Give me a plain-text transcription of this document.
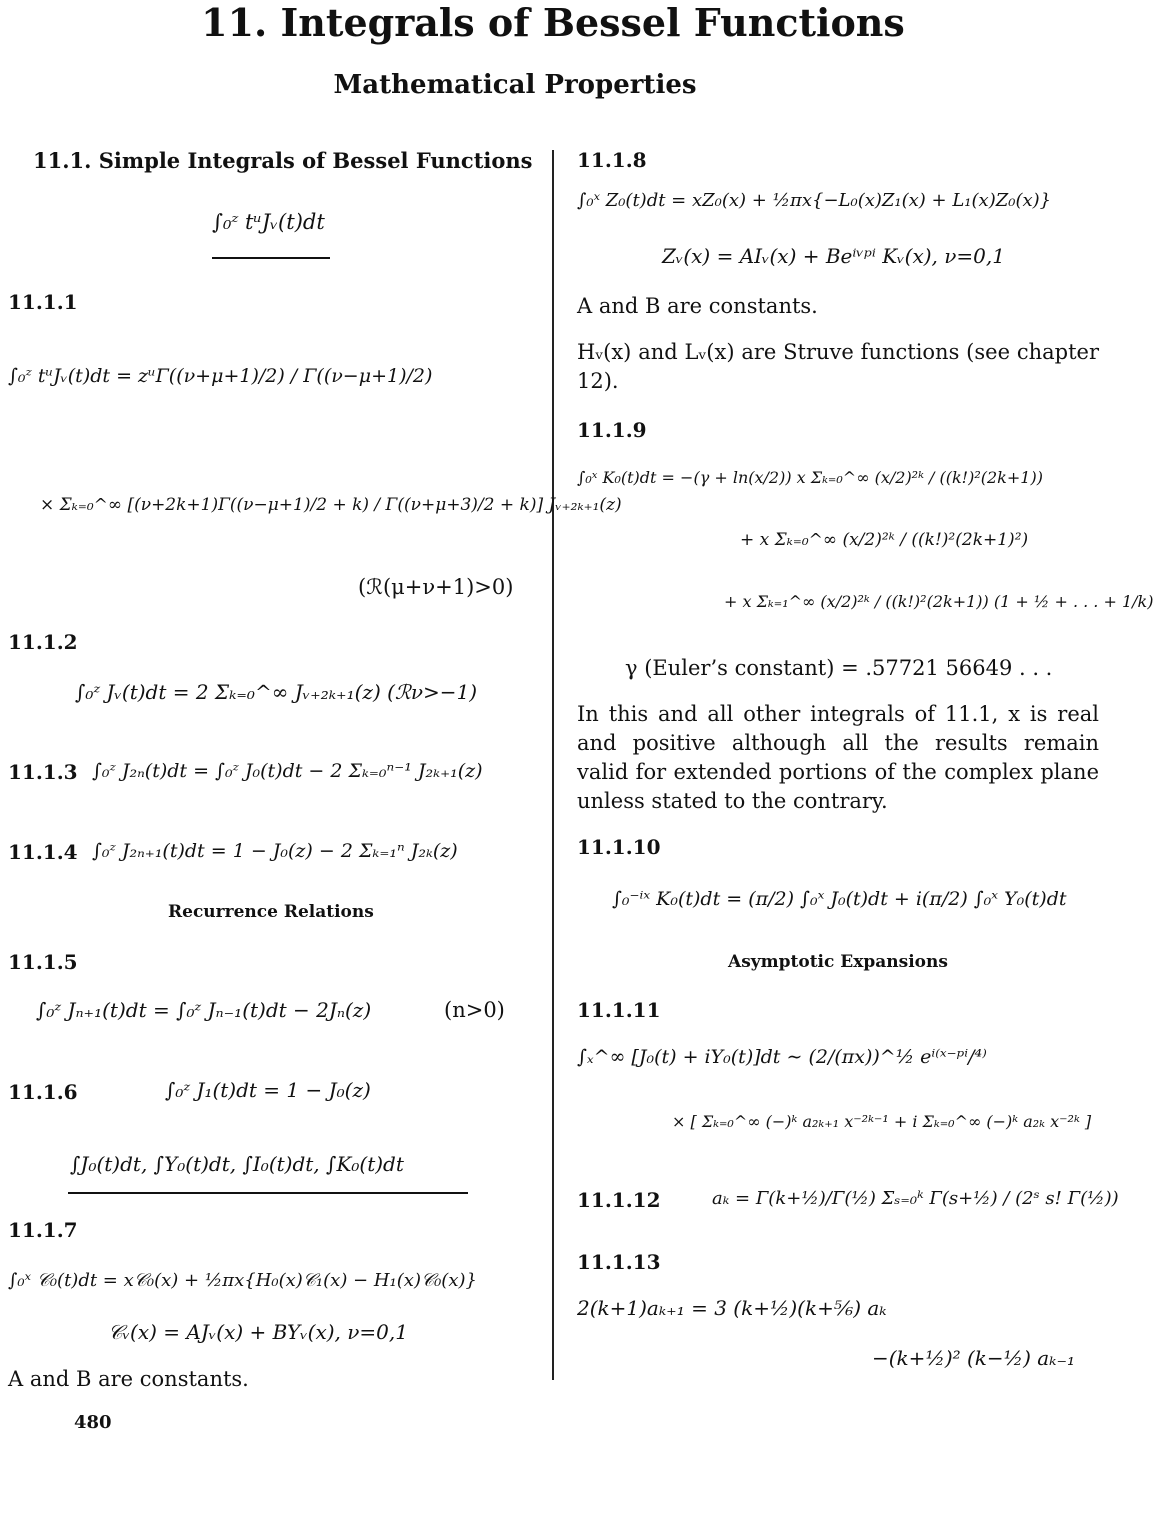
11. Integrals of Bessel Functions
Mathematical Properties
11.1. Simple Integrals of Bessel Functions
∫₀ᶻ tᵘJᵥ(t)dt
11.1.1
∫₀ᶻ tᵘJᵥ(t)dt = zᵘΓ((ν+μ+1)/2) / Γ((ν−μ+1)/2)
× Σₖ₌₀^∞ [(ν+2k+1)Γ((ν−μ+1)/2 + k) / Γ((ν+μ+3)/2 + k)] Jᵥ₊₂ₖ₊₁(z)
(ℛ(μ+ν+1)>0)
11.1.2
∫₀ᶻ Jᵥ(t)dt = 2 Σₖ₌₀^∞ Jᵥ₊₂ₖ₊₁(z) (ℛν>−1)
11.1.3 ∫₀ᶻ J₂ₙ(t)dt = ∫₀ᶻ J₀(t)dt − 2 Σₖ₌₀ⁿ⁻¹ J₂ₖ₊₁(z)
11.1.4 ∫₀ᶻ J₂ₙ₊₁(t)dt = 1 − J₀(z) − 2 Σₖ₌₁ⁿ J₂ₖ(z)
Recurrence Relations
11.1.5
∫₀ᶻ Jₙ₊₁(t)dt = ∫₀ᶻ Jₙ₋₁(t)dt − 2Jₙ(z)	(n>0)
11.1.6	∫₀ᶻ J₁(t)dt = 1 − J₀(z)
∫J₀(t)dt, ∫Y₀(t)dt, ∫I₀(t)dt, ∫K₀(t)dt
11.1.7
∫₀ˣ 𝒞₀(t)dt = x𝒞₀(x) + ½πx{H₀(x)𝒞₁(x) − H₁(x)𝒞₀(x)}
𝒞ᵥ(x) = AJᵥ(x) + BYᵥ(x), ν=0,1
A and B are constants.
480
11.1.8
∫₀ˣ Z₀(t)dt = xZ₀(x) + ½πx{−L₀(x)Z₁(x) + L₁(x)Z₀(x)}
Zᵥ(x) = AIᵥ(x) + Beⁱᵛᵖⁱ Kᵥ(x), ν=0,1
A and B are constants.
Hᵥ(x) and Lᵥ(x) are Struve functions (see chapter 12).
11.1.9
∫₀ˣ K₀(t)dt = −(γ + ln(x/2)) x Σₖ₌₀^∞ (x/2)²ᵏ / ((k!)²(2k+1))
+ x Σₖ₌₀^∞ (x/2)²ᵏ / ((k!)²(2k+1)²)
+ x Σₖ₌₁^∞ (x/2)²ᵏ / ((k!)²(2k+1)) (1 + ½ + . . . + 1/k)
γ (Euler’s constant) = .57721 56649 . . .
In this and all other integrals of 11.1, x is real and positive although all the results remain valid for extended portions of the complex plane unless stated to the contrary.
11.1.10
∫₀⁻ⁱˣ K₀(t)dt = (π/2) ∫₀ˣ J₀(t)dt + i(π/2) ∫₀ˣ Y₀(t)dt
Asymptotic Expansions
11.1.11
∫ₓ^∞ [J₀(t) + iY₀(t)]dt ∼ (2/(πx))^½ eⁱ⁽ˣ⁻ᵖⁱ/⁴⁾
× [ Σₖ₌₀^∞ (−)ᵏ a₂ₖ₊₁ x⁻²ᵏ⁻¹ + i Σₖ₌₀^∞ (−)ᵏ a₂ₖ x⁻²ᵏ ]
11.1.12	aₖ = Γ(k+½)/Γ(½) Σₛ₌₀ᵏ Γ(s+½) / (2ˢ s! Γ(½))
11.1.13
2(k+1)aₖ₊₁ = 3 (k+½)(k+⅚) aₖ
−(k+½)² (k−½) aₖ₋₁
